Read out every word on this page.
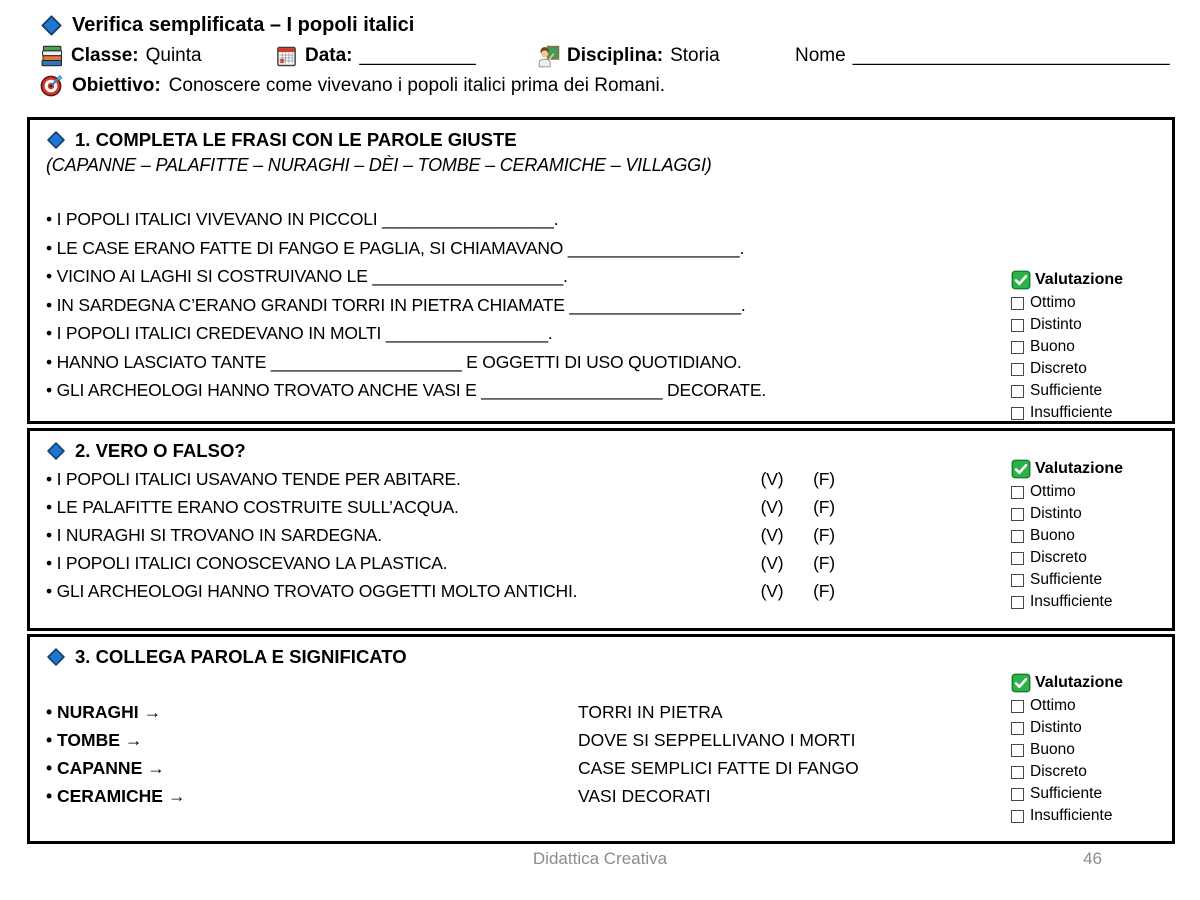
Verifica semplificata – I popoli italici
Classe: Quinta	Data: ___________	Disciplina: Storia	Nome ______________________________
Obiettivo: Conoscere come vivevano i popoli italici prima dei Romani.
1. COMPLETA LE FRASI CON LE PAROLE GIUSTE
(CAPANNE – PALAFITTE – NURAGHI – DÈI – TOMBE – CERAMICHE – VILLAGGI)
• I POPOLI ITALICI VIVEVANO IN PICCOLI __________________.
• LE CASE ERANO FATTE DI FANGO E PAGLIA, SI CHIAMAVANO __________________.
• VICINO AI LAGHI SI COSTRUIVANO LE ____________________.
• IN SARDEGNA C’ERANO GRANDI TORRI IN PIETRA CHIAMATE __________________.
• I POPOLI ITALICI CREDEVANO IN MOLTI _________________.
• HANNO LASCIATO TANTE ____________________ E OGGETTI DI USO QUOTIDIANO.
• GLI ARCHEOLOGI HANNO TROVATO ANCHE VASI E ___________________ DECORATE.
Valutazione
Ottimo
Distinto
Buono
Discreto
Sufficiente
Insufficiente
2. VERO O FALSO?
• I POPOLI ITALICI USAVANO TENDE PER ABITARE.	(V)	(F)
• LE PALAFITTE ERANO COSTRUITE SULL’ACQUA.	(V)	(F)
• I NURAGHI SI TROVANO IN SARDEGNA.	(V)	(F)
• I POPOLI ITALICI CONOSCEVANO LA PLASTICA.	(V)	(F)
• GLI ARCHEOLOGI HANNO TROVATO OGGETTI MOLTO ANTICHI.	(V)	(F)
Valutazione
Ottimo
Distinto
Buono
Discreto
Sufficiente
Insufficiente
3. COLLEGA PAROLA E SIGNIFICATO
• NURAGHI →	TORRI IN PIETRA
• TOMBE →	DOVE SI SEPPELLIVANO I MORTI
• CAPANNE →	CASE SEMPLICI FATTE DI FANGO
• CERAMICHE →	VASI DECORATI
Valutazione
Ottimo
Distinto
Buono
Discreto
Sufficiente
Insufficiente
Didattica Creativa	46
